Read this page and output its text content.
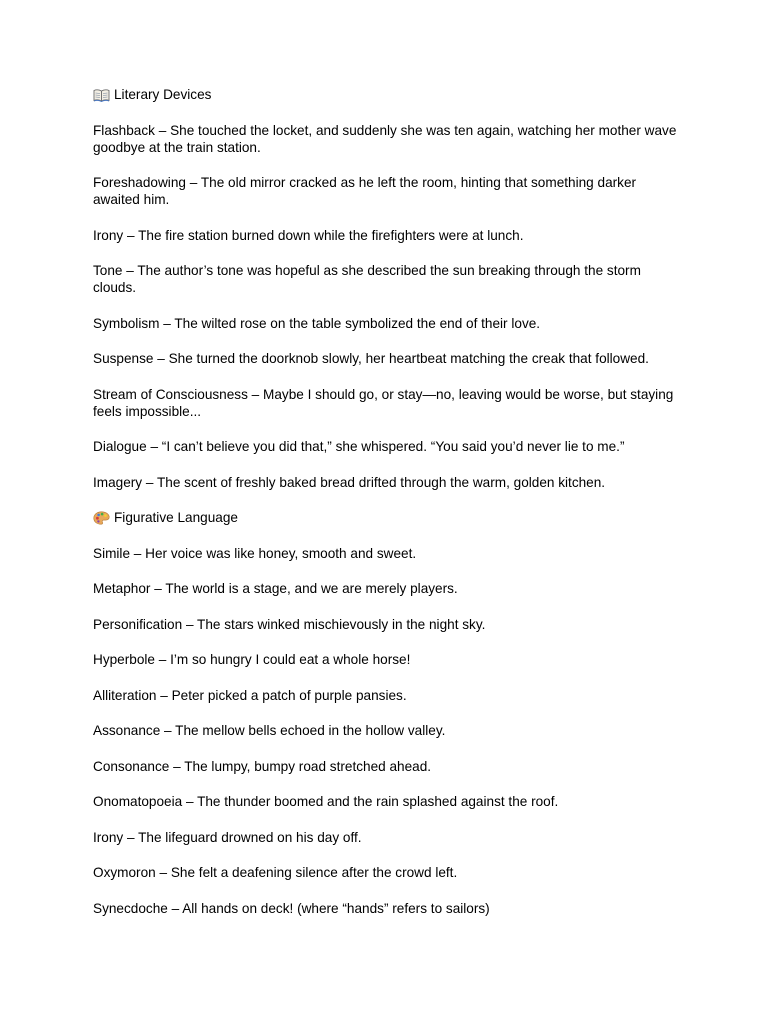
Literary Devices
Flashback – She touched the locket, and suddenly she was ten again, watching her mother wave goodbye at the train station.
Foreshadowing – The old mirror cracked as he left the room, hinting that something darker awaited him.
Irony – The fire station burned down while the firefighters were at lunch.
Tone – The author’s tone was hopeful as she described the sun breaking through the storm clouds.
Symbolism – The wilted rose on the table symbolized the end of their love.
Suspense – She turned the doorknob slowly, her heartbeat matching the creak that followed.
Stream of Consciousness – Maybe I should go, or stay—no, leaving would be worse, but staying feels impossible...
Dialogue – “I can’t believe you did that,” she whispered. “You said you’d never lie to me.”
Imagery – The scent of freshly baked bread drifted through the warm, golden kitchen.
Figurative Language
Simile – Her voice was like honey, smooth and sweet.
Metaphor – The world is a stage, and we are merely players.
Personification – The stars winked mischievously in the night sky.
Hyperbole – I’m so hungry I could eat a whole horse!
Alliteration – Peter picked a patch of purple pansies.
Assonance – The mellow bells echoed in the hollow valley.
Consonance – The lumpy, bumpy road stretched ahead.
Onomatopoeia – The thunder boomed and the rain splashed against the roof.
Irony – The lifeguard drowned on his day off.
Oxymoron – She felt a deafening silence after the crowd left.
Synecdoche – All hands on deck! (where “hands” refers to sailors)
